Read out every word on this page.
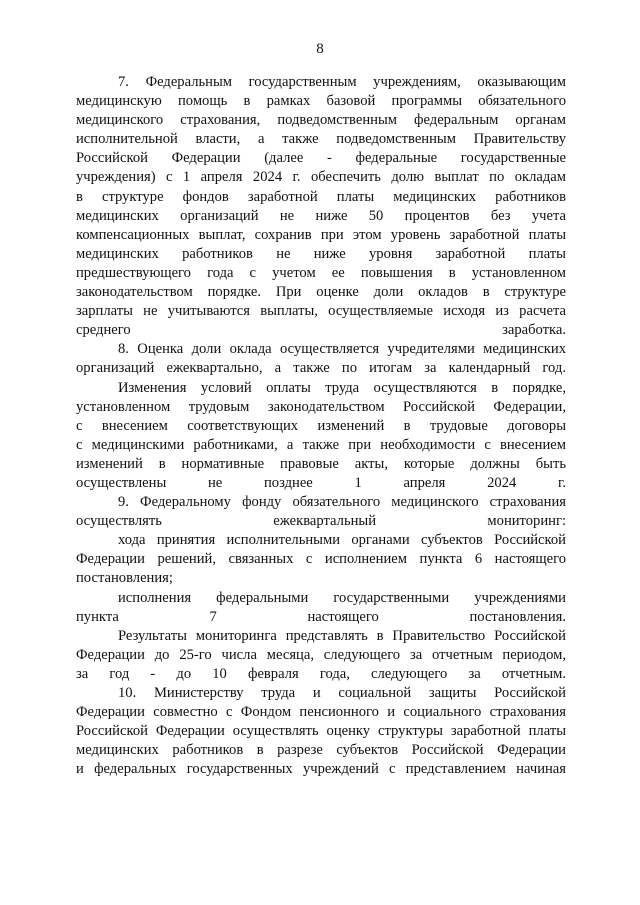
8

7. Федеральным государственным учреждениям, оказывающим
медицинскую помощь в рамках базовой программы обязательного
медицинского страхования, подведомственным федеральным органам
исполнительной власти, а также подведомственным Правительству
Российской Федерации (далее - федеральные государственные
учреждения) с 1 апреля 2024 г. обеспечить долю выплат по окладам
в структуре фондов заработной платы медицинских работников
медицинских организаций не ниже 50 процентов без учета
компенсационных выплат, сохранив при этом уровень заработной платы
медицинских работников не ниже уровня заработной платы
предшествующего года с учетом ее повышения в установленном
законодательством порядке. При оценке доли окладов в структуре
зарплаты не учитываются выплаты, осуществляемые исходя из расчета
среднего заработка.

8. Оценка доли оклада осуществляется учредителями медицинских
организаций ежеквартально, а также по итогам за календарный год.

Изменения условий оплаты труда осуществляются в порядке,
установленном трудовым законодательством Российской Федерации,
с внесением соответствующих изменений в трудовые договоры
с медицинскими работниками, а также при необходимости с внесением
изменений в нормативные правовые акты, которые должны быть
осуществлены не позднее 1 апреля 2024 г.

9. Федеральному фонду обязательного медицинского страхования
осуществлять ежеквартальный мониторинг:

хода принятия исполнительными органами субъектов Российской
Федерации решений, связанных с исполнением пункта 6 настоящего
постановления;

исполнения федеральными государственными учреждениями
пункта 7 настоящего постановления.

Результаты мониторинга представлять в Правительство Российской
Федерации до 25-го числа месяца, следующего за отчетным периодом,
за год - до 10 февраля года, следующего за отчетным.

10. Министерству труда и социальной защиты Российской
Федерации совместно с Фондом пенсионного и социального страхования
Российской Федерации осуществлять оценку структуры заработной платы
медицинских работников в разрезе субъектов Российской Федерации
и федеральных государственных учреждений с представлением начиная
